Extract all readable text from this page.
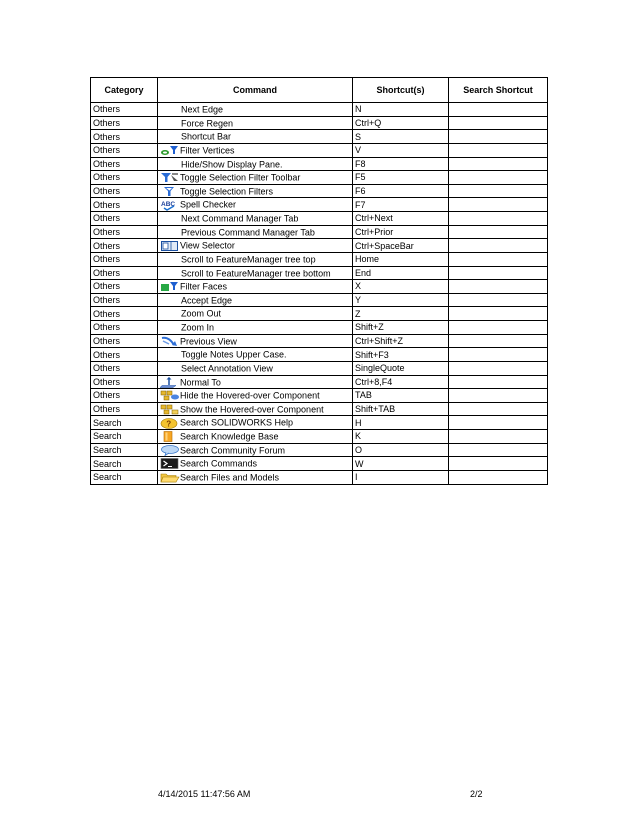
Category	Command	Shortcut(s)	Search Shortcut
Others	Next Edge	N	
Others	Force Regen	Ctrl+Q	
Others	Shortcut Bar	S	
Others	Filter Vertices	V	
Others	Hide/Show Display Pane.	F8	
Others	Toggle Selection Filter Toolbar	F5	
Others	Toggle Selection Filters	F6	
Others	ABC Spell Checker	F7	
Others	Next Command Manager Tab	Ctrl+Next	
Others	Previous Command Manager Tab	Ctrl+Prior	
Others	View Selector	Ctrl+SpaceBar	
Others	Scroll to FeatureManager tree top	Home	
Others	Scroll to FeatureManager tree bottom	End	
Others	Filter Faces	X	
Others	Accept Edge	Y	
Others	Zoom Out	Z	
Others	Zoom In	Shift+Z	
Others	Previous View	Ctrl+Shift+Z	
Others	Toggle Notes Upper Case.	Shift+F3	
Others	Select Annotation View	SingleQuote	
Others	Normal To	Ctrl+8,F4	
Others	Hide the Hovered-over Component	TAB	
Others	Show the Hovered-over Component	Shift+TAB	
Search	? Search SOLIDWORKS Help	H	
Search	Search Knowledge Base	K	
Search	Search Community Forum	O	
Search	Search Commands	W	
Search	Search Files and Models	I	
4/14/2015 11:47:56 AM	2/2
